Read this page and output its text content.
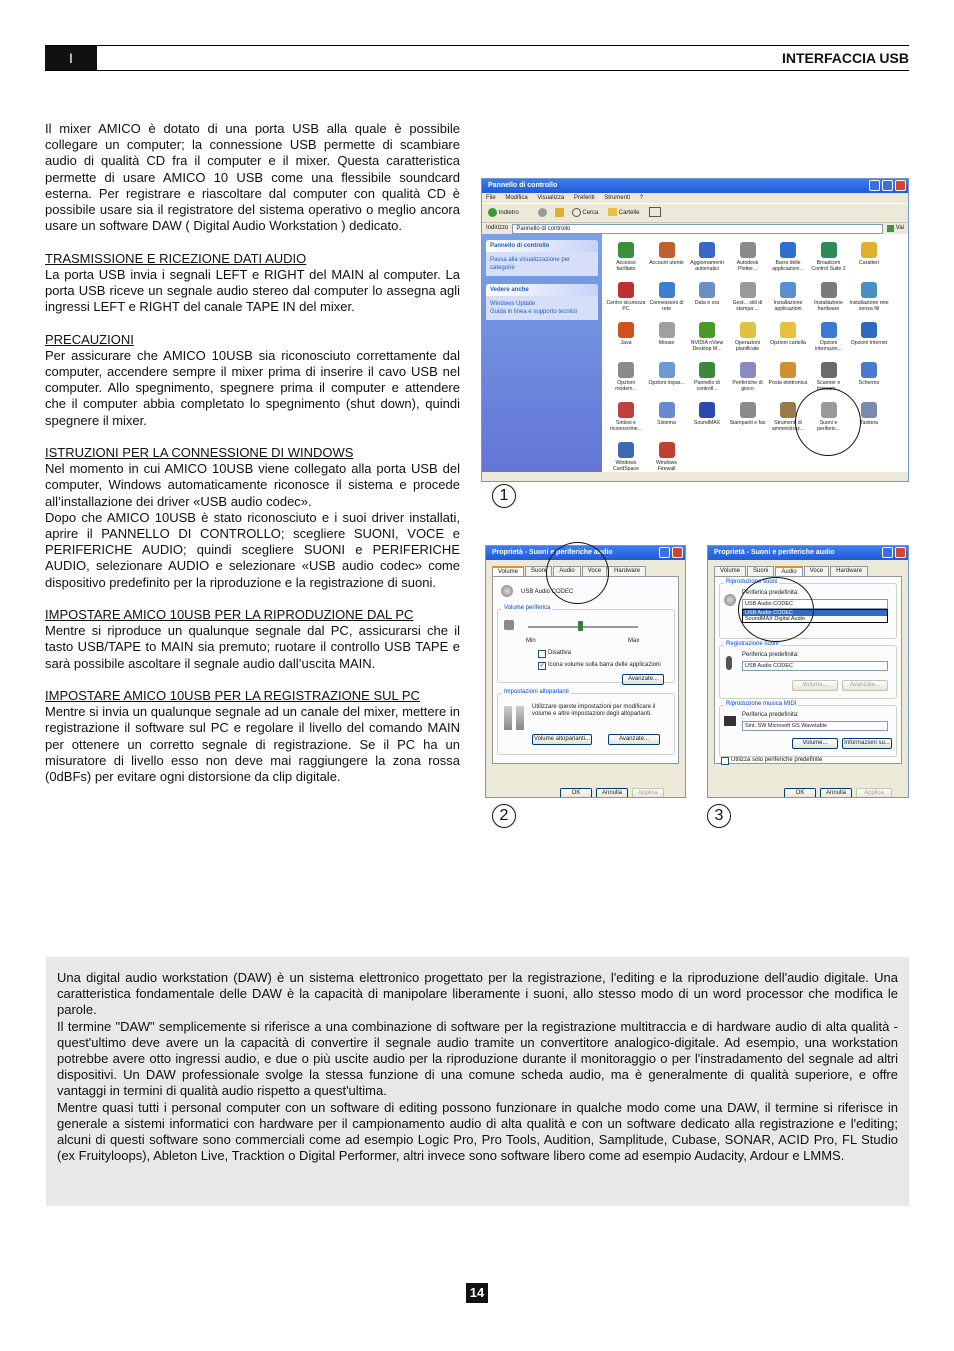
I	INTERFACCIA USB

Il mixer AMICO è dotato di una porta USB alla quale è possibile collegare un computer; la connessione USB permette di scambiare audio di qualità CD fra il computer e il mixer. Questa caratteristica permette di usare AMICO 10 USB come una flessibile soundcard esterna. Per registrare e riascoltare dal computer con qualità CD è possibile usare sia il registratore del sistema operativo o meglio ancora usare un software DAW ( Digital Audio Workstation ) dedicato.

TRASMISSIONE E RICEZIONE DATI AUDIO

La porta USB invia i segnali LEFT e RIGHT del MAIN al computer. La porta USB riceve un segnale audio stereo dal computer lo assegna agli ingressi LEFT e RIGHT del canale TAPE IN del mixer.

PRECAUZIONI

Per assicurare che AMICO 10USB sia riconosciuto correttamente dal computer, accendere sempre il mixer prima di inserire il cavo USB nel computer. Allo spegnimento, spegnere prima il computer e attendere che il computer abbia completato lo spegnimento (shut down), quindi spegnere il mixer.

ISTRUZIONI PER LA CONNESSIONE DI WINDOWS

Nel momento in cui AMICO 10USB viene collegato alla porta USB del computer, Windows automaticamente riconosce il sistema e procede all’installazione dei driver «USB audio codec».

Dopo che AMICO 10USB è stato riconosciuto e i suoi driver installati, aprire il PANNELLO DI CONTROLLO; scegliere SUONI, VOCE e PERIFERICHE AUDIO; quindi scegliere SUONI e PERIFERICHE AUDIO, selezionare AUDIO e selezionare «USB audio codec» come dispositivo predefinito per la riproduzione e la registrazione di suoni.

IMPOSTARE AMICO 10USB PER LA RIPRODUZIONE DAL PC

Mentre si riproduce un qualunque segnale dal PC, assicurarsi che il tasto USB/TAPE to MAIN sia premuto; ruotare il controllo USB TAPE e sarà possibile ascoltare il segnale audio dall’uscita MAIN.

IMPOSTARE AMICO 10USB PER LA REGISTRAZIONE SUL PC

Mentre si invia un qualunque segnale ad un canale del mixer, mettere in registrazione il software sul PC e regolare il livello del comando MAIN per ottenere un corretto segnale di registrazione. Se il PC ha un misuratore di livello esso non deve mai raggiungere la zona rossa (0dBFs) per evitare ogni distorsione da clip digitale.

Pannello di controllo
File Modifica Visualizza Preferiti Strumenti ?
Indietro	Cerca	Cartelle
Indirizzo	Pannello di controllo	Vai
Pannello di controllo
Passa alla visualizzazione per categorie
Vedere anche
Windows Update
Guida in linea e supporto tecnico
Accesso facilitato
Account utente	Aggiornamenti automatici
Autodesk Plotter...
Barra delle applicazioni...
Broadcom Control Suite 2
Caratteri
Centro sicurezza PC
Connessioni di rete
Data e ora	Gest... stili di stampa ...
Installazione applicazioni
Installazione hardware
Installazione rete senza fili
Java	Mouse	NVIDIA nView Desktop M...
Operazioni pianificate
Opzioni cartella	Opzioni internazio...
Opzioni Internet
Opzioni modem...
Opzioni rispar...	Pannello di controll...
Periferiche di gioco
Posta elettronica	Scanner e fotocam...
Schermo
Sintesi e riconoscime...
Sistema	SoundMAX	Stampanti e fax	Strumenti di amministraz...
Suoni e periferic...
Tastiera
Windows CardSpace
Windows Firewall
1
Proprietà - Suoni e periferiche audio
Volume	Suoni	Audio	Voce	Hardware
USB Audio CODEC
Volume periferica
Min	Max
Disattiva
✓ Icona volume sulla barra delle applicazioni
Avanzate...
Impostazioni altoparlanti
Utilizzare queste impostazioni per modificare il volume e altre impostazioni degli altoparlanti.
Volume altoparlanti...	Avanzate...
OK	Annulla	Applica
2
Proprietà - Suoni e periferiche audio
Volume	Suoni	Audio	Voce	Hardware
Riproduzione suoni
Periferica predefinita:
USB Audio CODEC
USB Audio CODEC
SoundMAX Digital Audio
Registrazione suoni
Periferica predefinita:
USB Audio CODEC
Volume...	Avanzate...
Riproduzione musica MIDI
Periferica predefinita:
Sint. SW Microsoft GS Wavetable
Volume...	Informazioni su...
Utilizza solo periferiche predefinite
OK	Annulla	Applica
3

Una digital audio workstation (DAW) è un sistema elettronico progettato per la registrazione, l'editing e la riproduzione dell'audio digitale. Una caratteristica fondamentale delle DAW è la capacità di manipolare liberamente i suoni, allo stesso modo di un word processor che modifica le parole.

Il termine "DAW" semplicemente si riferisce a una combinazione di software per la registrazione multitraccia e di hardware audio di alta qualità - quest'ultimo deve avere un la capacità di convertire il segnale audio tramite un convertitore analogico-digitale. Ad esempio, una workstation potrebbe avere otto ingressi audio, e due o più uscite audio per la riproduzione durante il monitoraggio o per l'instradamento del segnale ad altri dispositivi. Un DAW professionale svolge la stessa funzione di una comune scheda audio, ma è generalmente di qualità superiore, e offre vantaggi in termini di qualità audio rispetto a quest'ultima.

Mentre quasi tutti i personal computer con un software di editing possono funzionare in qualche modo come una DAW, il termine si riferisce in generale a sistemi informatici con hardware per il campionamento audio di alta qualità e con un software dedicato alla registrazione e l'editing; alcuni di questi software sono commerciali come ad esempio Logic Pro, Pro Tools, Audition, Samplitude, Cubase, SONAR, ACID Pro, FL Studio (ex Fruityloops), Ableton Live, Tracktion o Digital Performer, altri invece sono software libero come ad esempio Audacity, Ardour e LMMS.

14
